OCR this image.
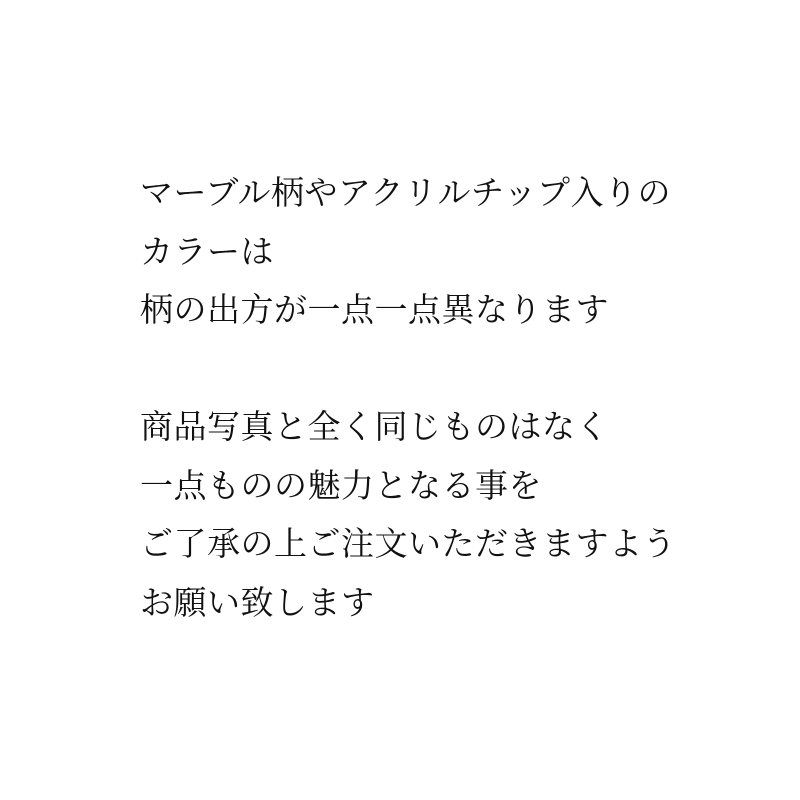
マーブル柄やアクリルチップ入りの
カラーは
柄の出方が一点一点異なります
商品写真と全く同じものはなく
一点ものの魅力となる事を
ご了承の上ご注文いただきますよう
お願い致します
